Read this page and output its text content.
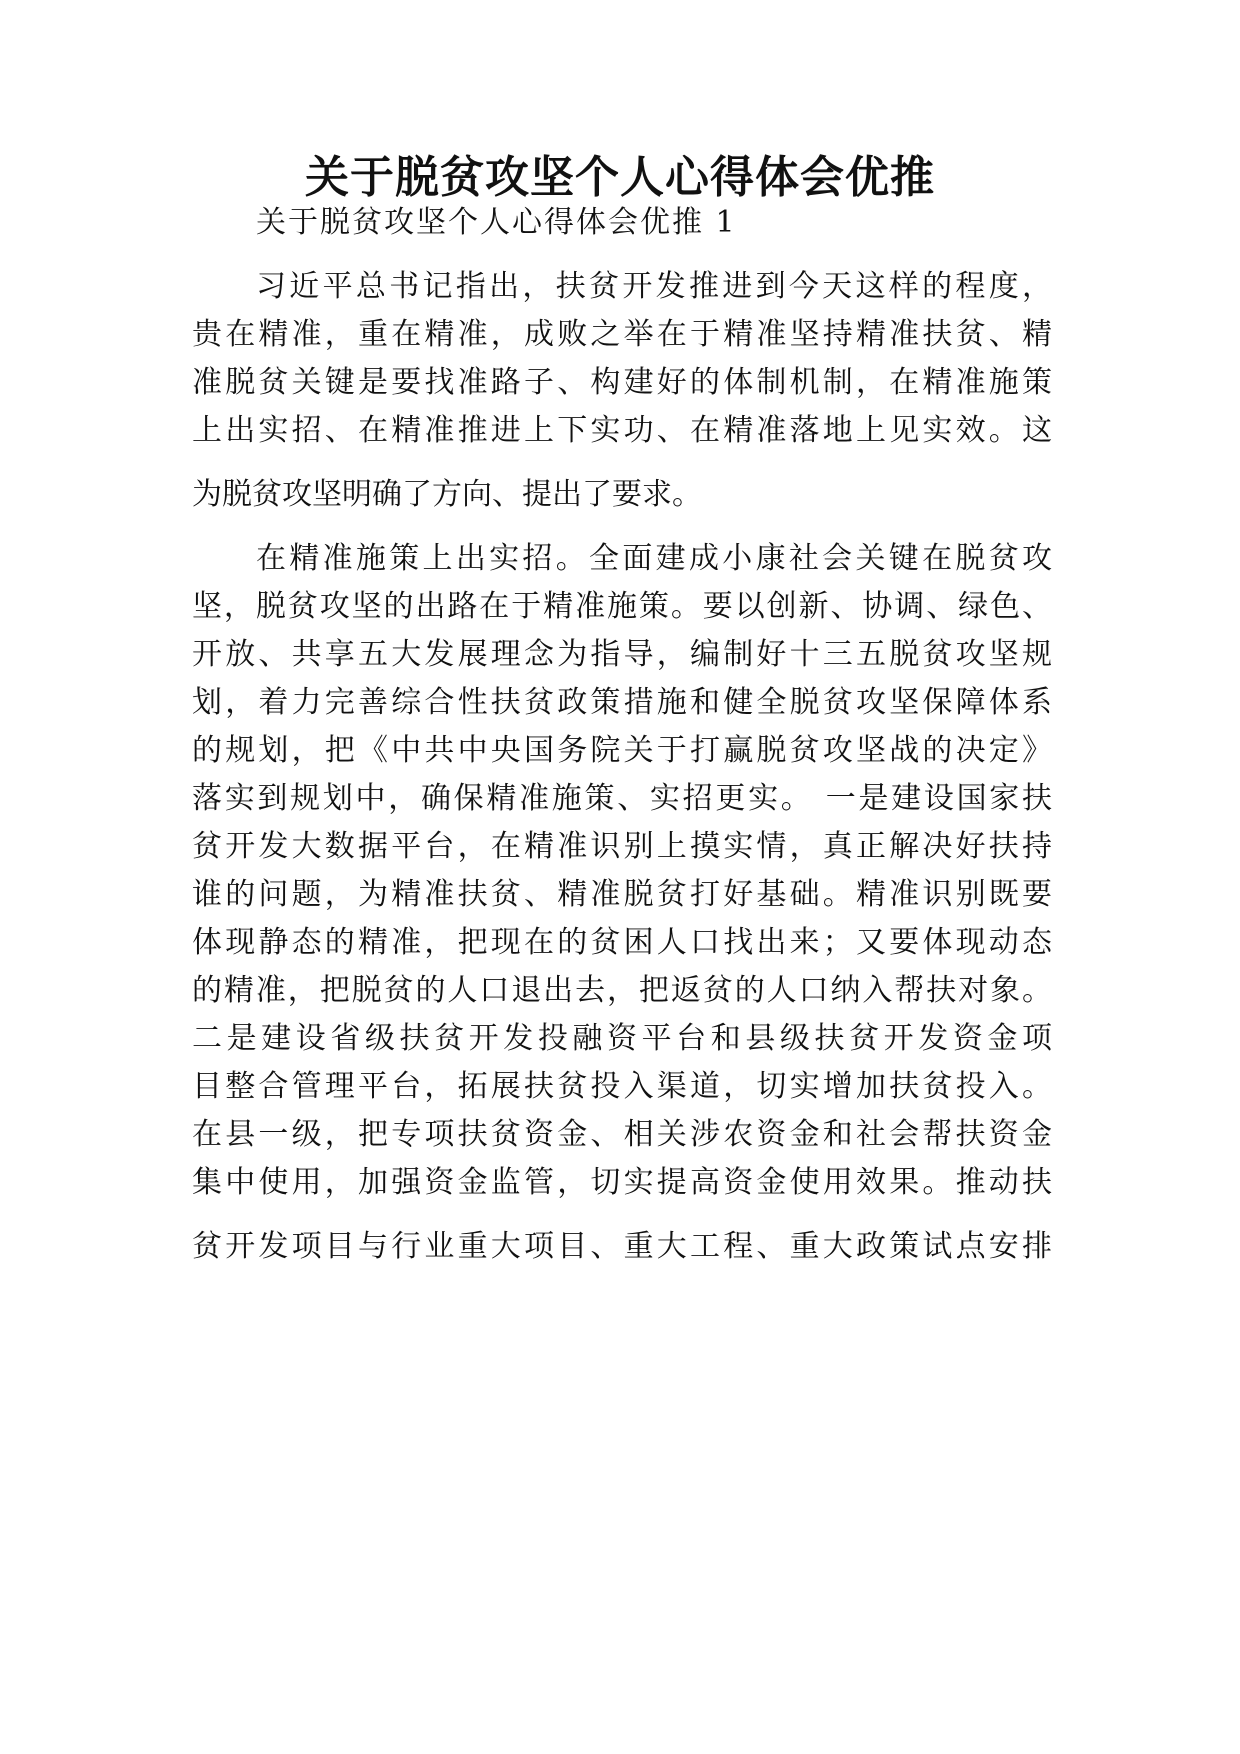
关于脱贫攻坚个人心得体会优推

关于脱贫攻坚个人心得体会优推 1

习近平总书记指出，扶贫开发推进到今天这样的程度，

贵在精准，重在精准，成败之举在于精准坚持精准扶贫、精

准脱贫关键是要找准路子、构建好的体制机制，在精准施策

上出实招、在精准推进上下实功、在精准落地上见实效。这

为脱贫攻坚明确了方向、提出了要求。

在精准施策上出实招。全面建成小康社会关键在脱贫攻

坚，脱贫攻坚的出路在于精准施策。要以创新、协调、绿色、

开放、共享五大发展理念为指导，编制好十三五脱贫攻坚规

划，着力完善综合性扶贫政策措施和健全脱贫攻坚保障体系

的规划，把《中共中央国务院关于打赢脱贫攻坚战的决定》

落实到规划中，确保精准施策、实招更实。 一是建设国家扶

贫开发大数据平台，在精准识别上摸实情，真正解决好扶持

谁的问题，为精准扶贫、精准脱贫打好基础。精准识别既要

体现静态的精准，把现在的贫困人口找出来；又要体现动态

的精准，把脱贫的人口退出去，把返贫的人口纳入帮扶对象。

二是建设省级扶贫开发投融资平台和县级扶贫开发资金项

目整合管理平台，拓展扶贫投入渠道，切实增加扶贫投入。

在县一级，把专项扶贫资金、相关涉农资金和社会帮扶资金

集中使用，加强资金监管，切实提高资金使用效果。推动扶

贫开发项目与行业重大项目、重大工程、重大政策试点安排
